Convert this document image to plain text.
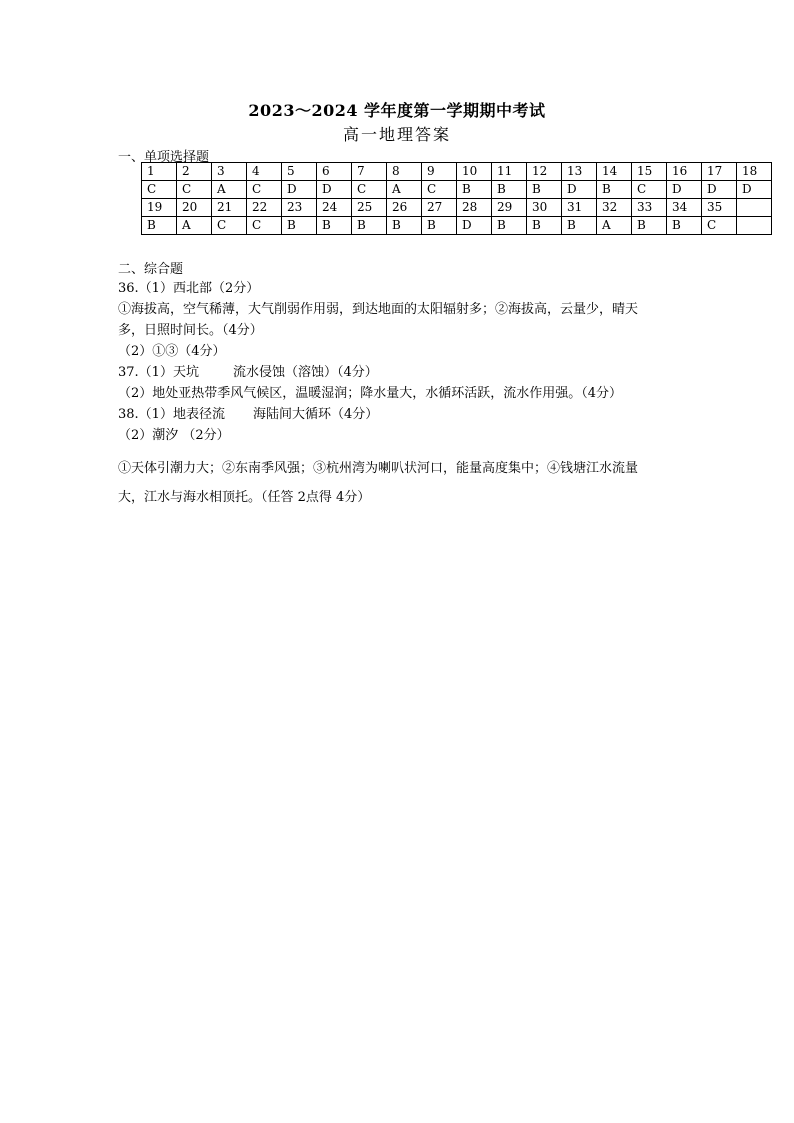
2023～2024 学年度第一学期期中考试
高一地理答案
一、单项选择题
1	2	3	4	5	6	7	8	9	10	11	12	13	14	15	16	17	18
C	C	A	C	D	D	C	A	C	B	B	B	D	B	C	D	D	D
19	20	21	22	23	24	25	26	27	28	29	30	31	32	33	34	35	
B	A	C	C	B	B	B	B	B	D	B	B	B	A	B	B	C	
二、综合题
36.（1）西北部（2分）
①海拔高，空气稀薄，大气削弱作用弱，到达地面的太阳辐射多；②海拔高，云量少，晴天
多，日照时间长。（4分）
（2）①③（4分）
37.（1）天坑	流水侵蚀（溶蚀）（4分）
（2）地处亚热带季风气候区，温暖湿润；降水量大，水循环活跃，流水作用强。（4分）
38.（1）地表径流 海陆间大循环（4分）
（2）潮汐 （2分）
①天体引潮力大；②东南季风强；③杭州湾为喇叭状河口，能量高度集中；④钱塘江水流量
大，江水与海水相顶托。（任答 2点得 4分）
